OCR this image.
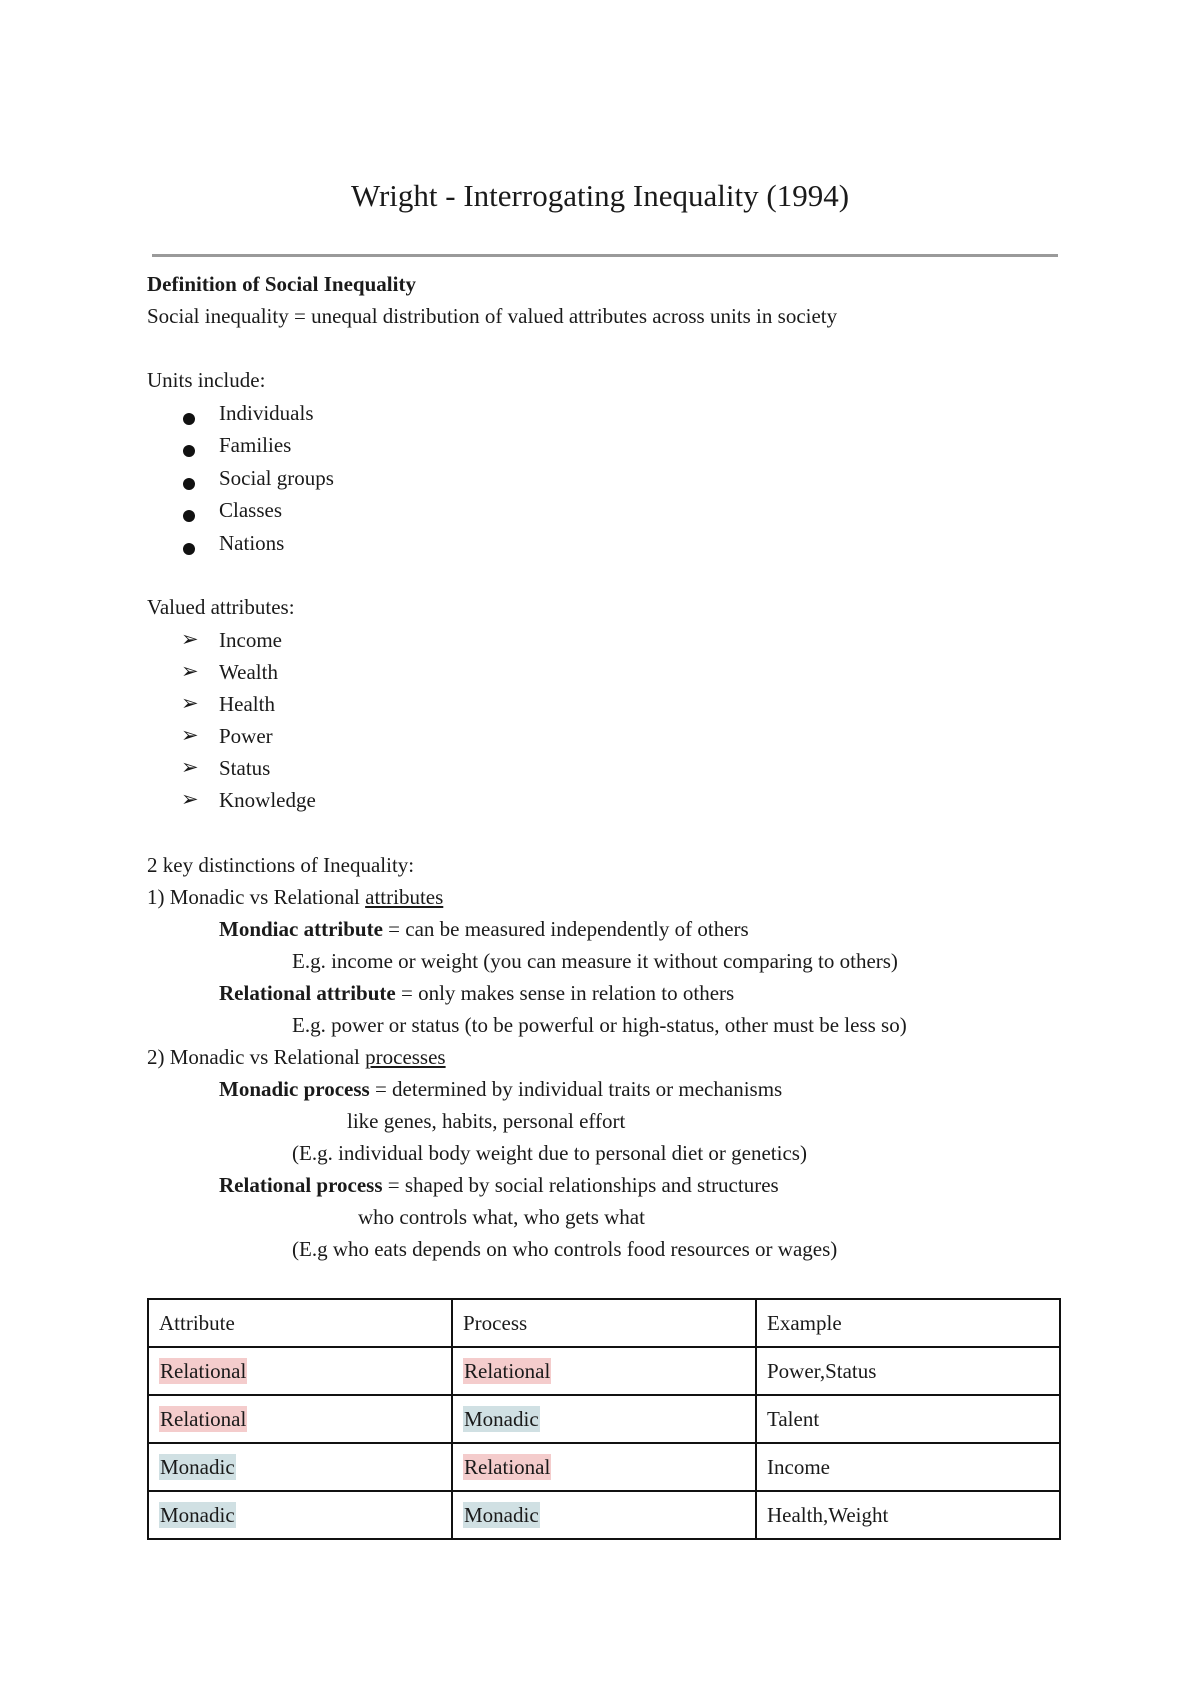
Wright - Interrogating Inequality (1994)
Definition of Social Inequality
Social inequality = unequal distribution of valued attributes across units in society
Units include:
Individuals
Families
Social groups
Classes
Nations
Valued attributes:
➢ Income
➢ Wealth
➢ Health
➢ Power
➢ Status
➢ Knowledge
2 key distinctions of Inequality:
1) Monadic vs Relational attributes
Mondiac attribute = can be measured independently of others
E.g. income or weight (you can measure it without comparing to others)
Relational attribute = only makes sense in relation to others
E.g. power or status (to be powerful or high-status, other must be less so)
2) Monadic vs Relational processes
Monadic process = determined by individual traits or mechanisms
like genes, habits, personal effort
(E.g. individual body weight due to personal diet or genetics)
Relational process = shaped by social relationships and structures
who controls what, who gets what
(E.g who eats depends on who controls food resources or wages)
Attribute	Process	Example
Relational	Relational	Power,Status
Relational	Monadic	Talent
Monadic	Relational	Income
Monadic	Monadic	Health,Weight
